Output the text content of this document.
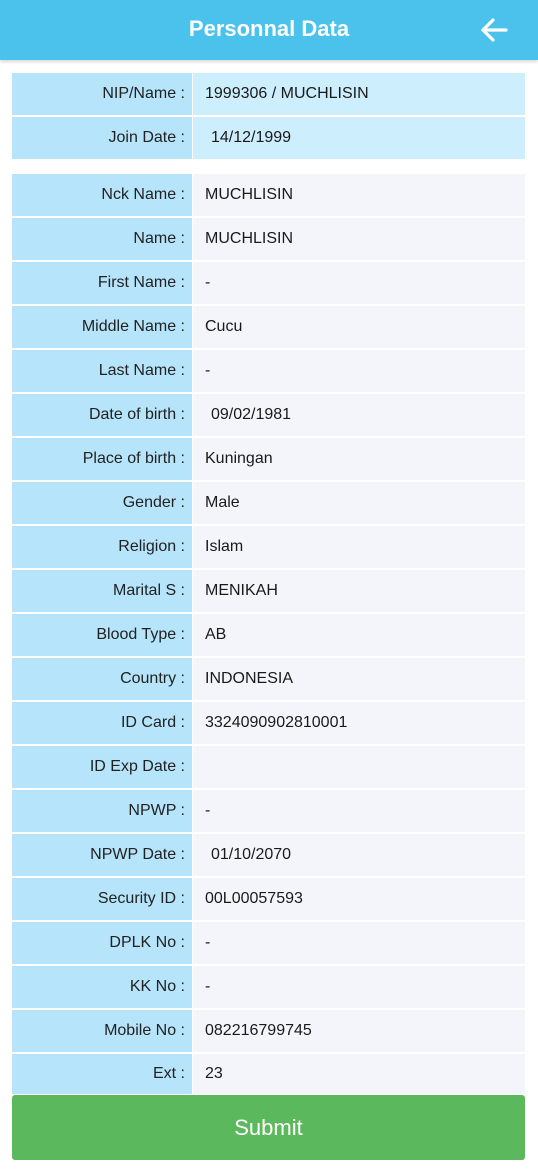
Personnal Data
NIP/Name :	1999306 / MUCHLISIN
Join Date :	14/12/1999
Nck Name :	MUCHLISIN
Name :	MUCHLISIN
First Name :	-
Middle Name :	Cucu
Last Name :	-
Date of birth :	09/02/1981
Place of birth :	Kuningan
Gender :	Male
Religion :	Islam
Marital S :	MENIKAH
Blood Type :	AB
Country :	INDONESIA
ID Card :	3324090902810001
ID Exp Date :
NPWP :	-
NPWP Date :	01/10/2070
Security ID :	00L00057593
DPLK No :	-
KK No :	-
Mobile No :	082216799745
Ext :	23
Submit
